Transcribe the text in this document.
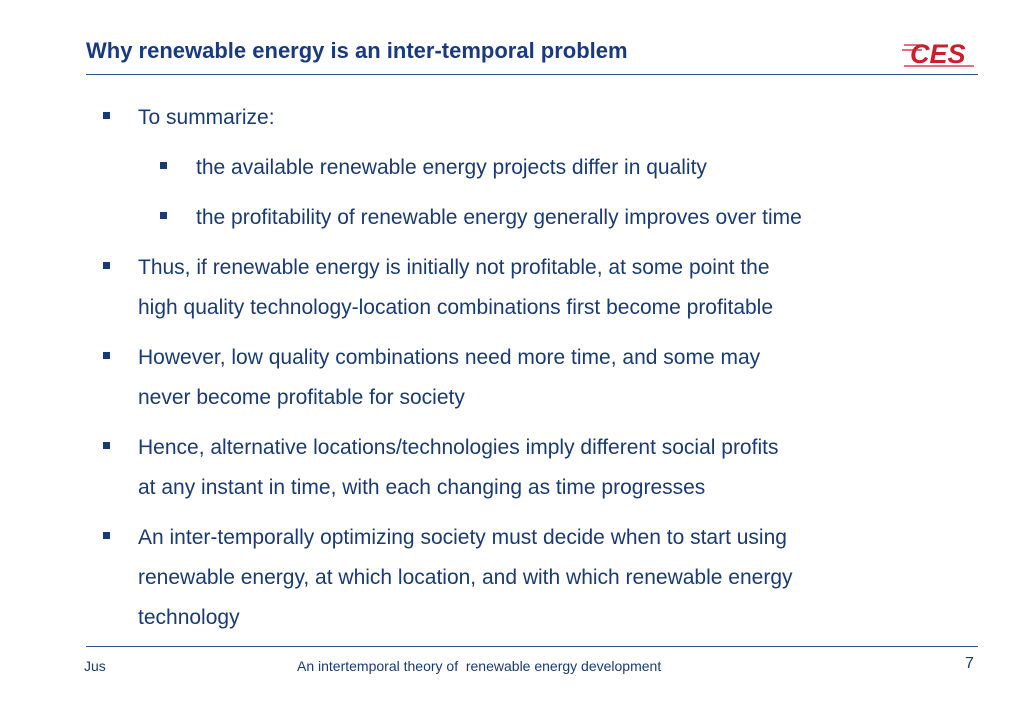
Why renewable energy is an inter-temporal problem	CES
To summarize:
the available renewable energy projects differ in quality
the profitability of renewable energy generally improves over time
Thus, if renewable energy is initially not profitable, at some point the
high quality technology-location combinations first become profitable
However, low quality combinations need more time, and some may
never become profitable for society
Hence, alternative locations/technologies imply different social profits
at any instant in time, with each changing as time progresses
An inter-temporally optimizing society must decide when to start using
renewable energy, at which location, and with which renewable energy
technology
Jus	An intertemporal theory of  renewable energy development	7
